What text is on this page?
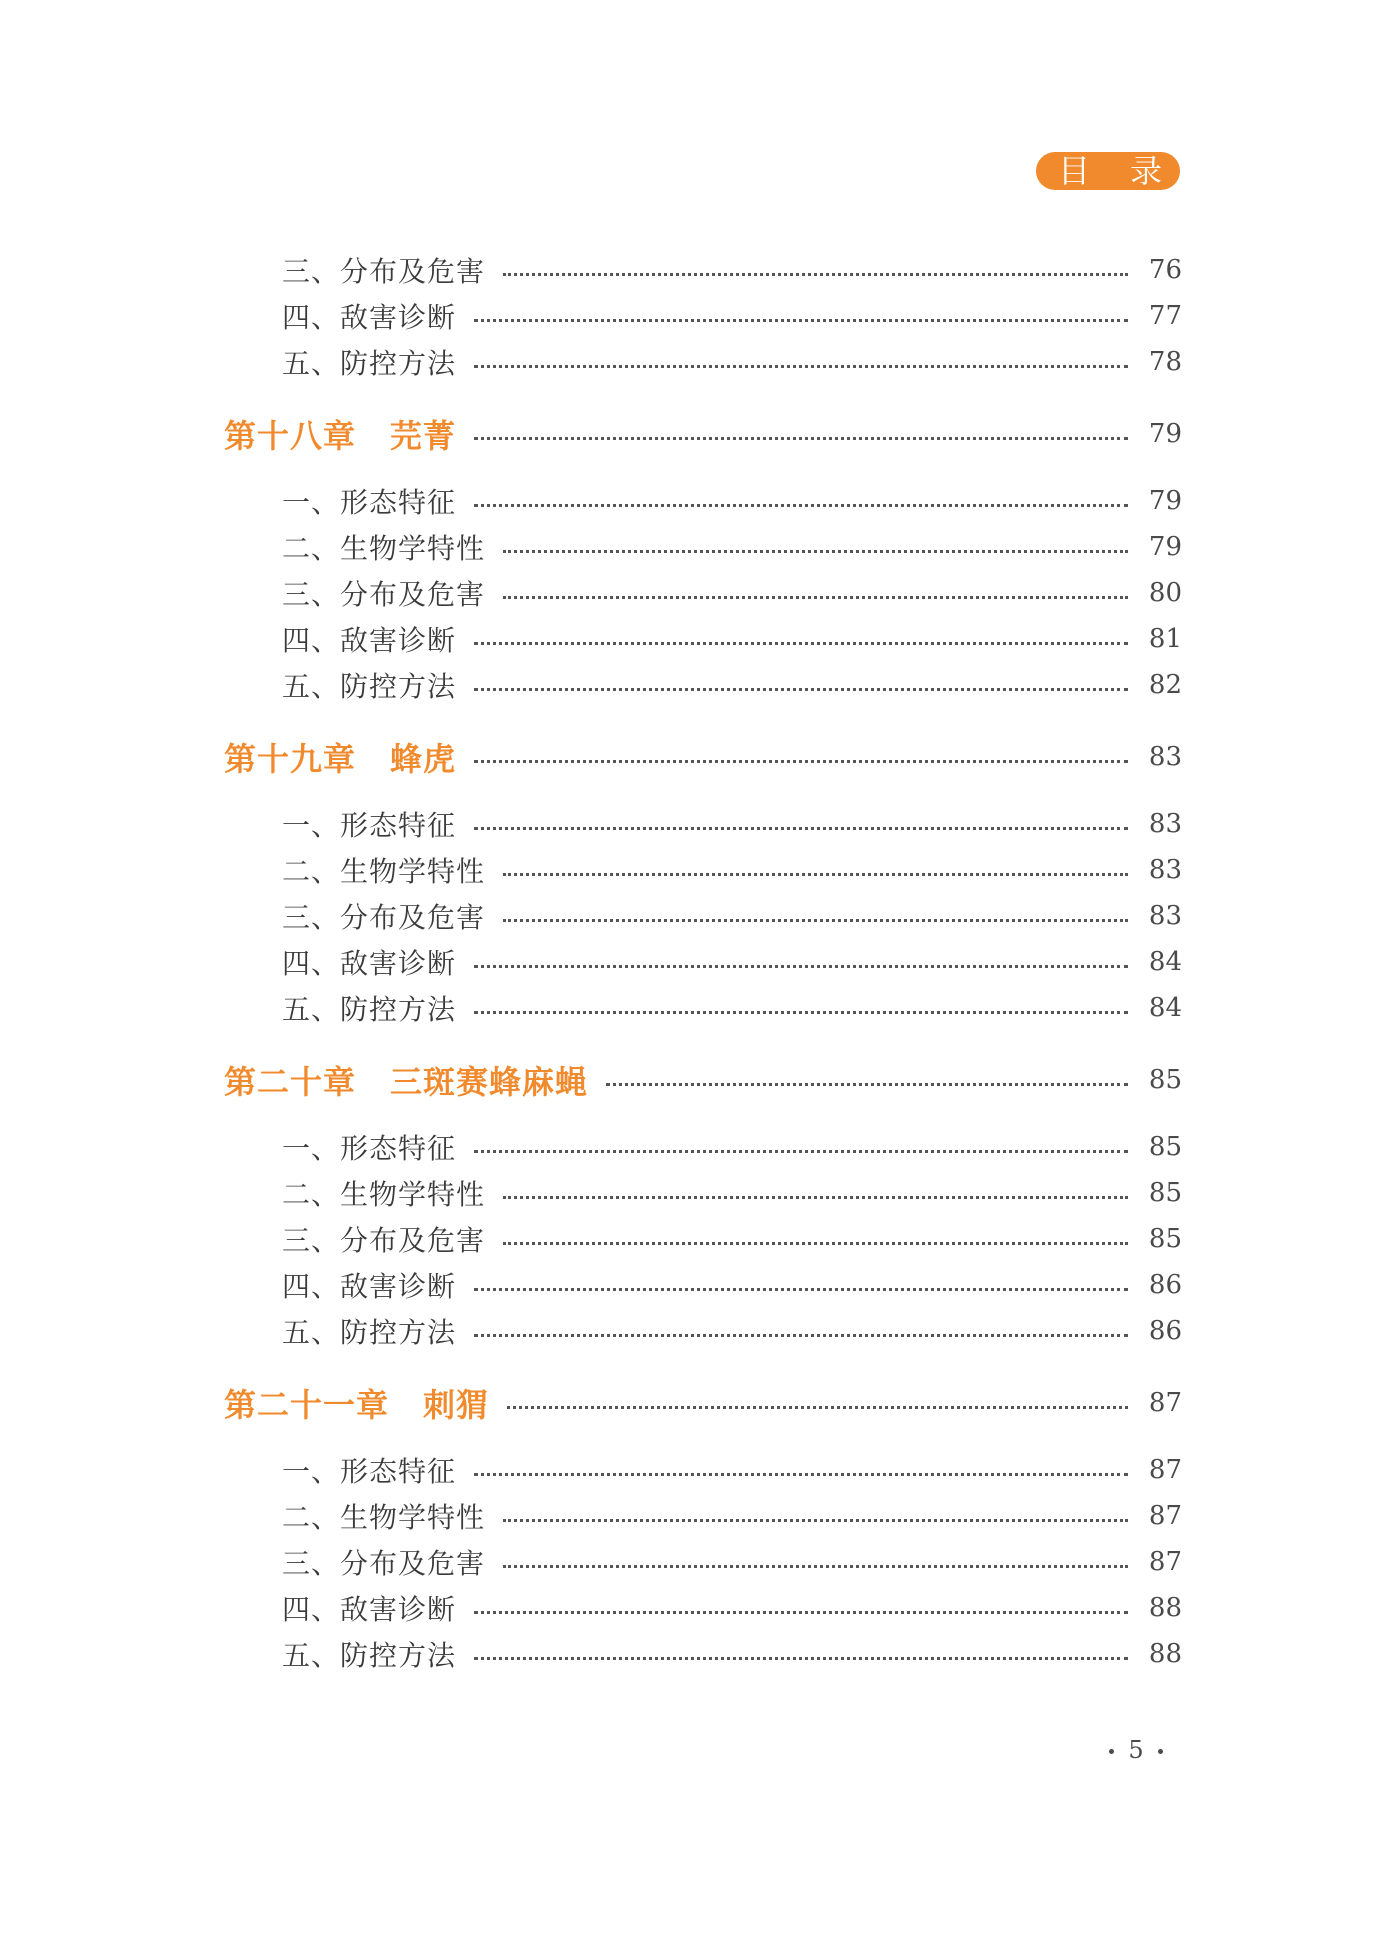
目 录
三、分布及危害	76
四、敌害诊断	77
五、防控方法	78
第十八章 芫菁	79
一、形态特征	79
二、生物学特性	79
三、分布及危害	80
四、敌害诊断	81
五、防控方法	82
第十九章 蜂虎	83
一、形态特征	83
二、生物学特性	83
三、分布及危害	83
四、敌害诊断	84
五、防控方法	84
第二十章 三斑赛蜂麻蝇	85
一、形态特征	85
二、生物学特性	85
三、分布及危害	85
四、敌害诊断	86
五、防控方法	86
第二十一章 刺猬	87
一、形态特征	87
二、生物学特性	87
三、分布及危害	87
四、敌害诊断	88
五、防控方法	88
5
